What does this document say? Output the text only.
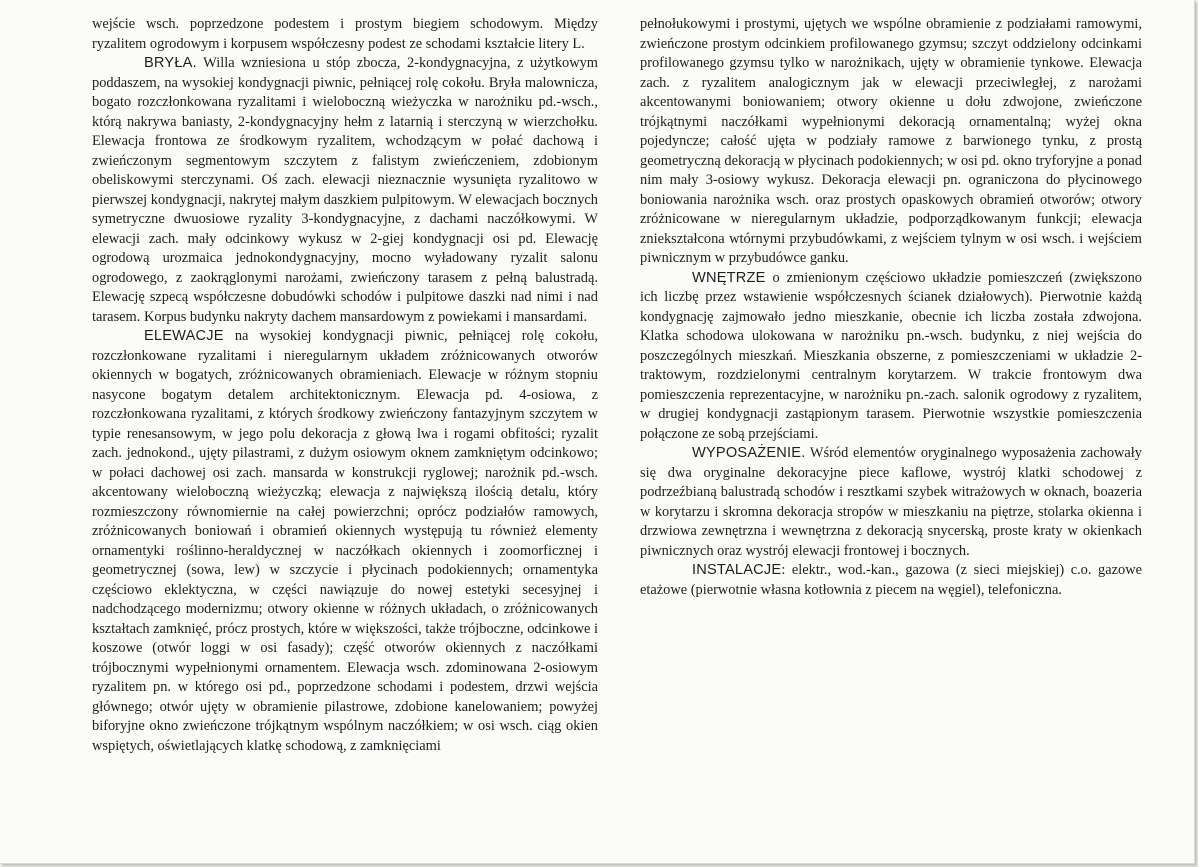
wejście wsch. poprzedzone podestem i prostym biegiem schodowym. Między ryzalitem ogrodowym i korpusem współczesny podest ze schodami kształcie litery L.

BRYŁA. Willa wzniesiona u stóp zbocza, 2-kondygnacyjna, z użytkowym poddaszem, na wysokiej kondygnacji piwnic, pełniącej rolę cokołu. Bryła malownicza, bogato rozczłonkowana ryzalitami i wieloboczną wieżyczka w narożniku pd.-wsch., którą nakrywa baniasty, 2-kondygnacyjny hełm z latarnią i sterczyną w wierzchołku. Elewacja frontowa ze środkowym ryzalitem, wchodzącym w połać dachową i zwieńczonym segmentowym szczytem z falistym zwieńczeniem, zdobionym obeliskowymi sterczynami. Oś zach. elewacji nieznacznie wysunięta ryzalitowo w pierwszej kondygnacji, nakrytej małym daszkiem pulpitowym. W elewacjach bocznych symetryczne dwuosiowe ryzality 3-kondygnacyjne, z dachami naczółkowymi. W elewacji zach. mały odcinkowy wykusz w 2-giej kondygnacji osi pd. Elewację ogrodową urozmaica jednokondygnacyjny, mocno wyładowany ryzalit salonu ogrodowego, z zaokrąglonymi narożami, zwieńczony tarasem z pełną balustradą. Elewację szpecą współczesne dobudówki schodów i pulpitowe daszki nad nimi i nad tarasem. Korpus budynku nakryty dachem mansardowym z powiekami i mansardami.

ELEWACJE na wysokiej kondygnacji piwnic, pełniącej rolę cokołu, rozczłonkowane ryzalitami i nieregularnym układem zróżnicowanych otworów okiennych w bogatych, zróżnicowanych obramieniach. Elewacje w różnym stopniu nasycone bogatym detalem architektonicznym. Elewacja pd. 4-osiowa, z rozczłonkowana ryzalitami, z których środkowy zwieńczony fantazyjnym szczytem w typie renesansowym, w jego polu dekoracja z głową lwa i rogami obfitości; ryzalit zach. jednokond., ujęty pilastrami, z dużym osiowym oknem zamkniętym odcinkowo; w połaci dachowej osi zach. mansarda w konstrukcji ryglowej; narożnik pd.-wsch. akcentowany wieloboczną wieżyczką; elewacja z największą ilością detalu, który rozmieszczony równomiernie na całej powierzchni; oprócz podziałów ramowych, zróżnicowanych boniowań i obramień okiennych występują tu również elementy ornamentyki roślinno-heraldycznej w naczółkach okiennych i zoomorficznej i geometrycznej (sowa, lew) w szczycie i płycinach podokiennych; ornamentyka częściowo eklektyczna, w części nawiązuje do nowej estetyki secesyjnej i nadchodzącego modernizmu; otwory okienne w różnych układach, o zróżnicowanych kształtach zamknięć, prócz prostych, które w większości, także trójboczne, odcinkowe i koszowe (otwór loggi w osi fasady); część otworów okiennych z naczółkami trójbocznymi wypełnionymi ornamentem. Elewacja wsch. zdominowana 2-osiowym ryzalitem pn. w którego osi pd., poprzedzone schodami i podestem, drzwi wejścia głównego; otwór ujęty w obramienie pilastrowe, zdobione kanelowaniem; powyżej biforyjne okno zwieńczone trójkątnym wspólnym naczółkiem; w osi wsch. ciąg okien wspiętych, oświetlających klatkę schodową, z zamknięciami

pełnołukowymi i prostymi, ujętych we wspólne obramienie z podziałami ramowymi, zwieńczone prostym odcinkiem profilowanego gzymsu; szczyt oddzielony odcinkami profilowanego gzymsu tylko w narożnikach, ujęty w obramienie tynkowe. Elewacja zach. z ryzalitem analogicznym jak w elewacji przeciwległej, z narożami akcentowanymi boniowaniem; otwory okienne u dołu zdwojone, zwieńczone trójkątnymi naczółkami wypełnionymi dekoracją ornamentalną; wyżej okna pojedyncze; całość ujęta w podziały ramowe z barwionego tynku, z prostą geometryczną dekoracją w płycinach podokiennych; w osi pd. okno tryforyjne a ponad nim mały 3-osiowy wykusz. Dekoracja elewacji pn. ograniczona do płycinowego boniowania narożnika wsch. oraz prostych opaskowych obramień otworów; otwory zróżnicowane w nieregularnym układzie, podporządkowanym funkcji; elewacja zniekształcona wtórnymi przybudówkami, z wejściem tylnym w osi wsch. i wejściem piwnicznym w przybudówce ganku.

WNĘTRZE o zmienionym częściowo układzie pomieszczeń (zwiększono ich liczbę przez wstawienie współczesnych ścianek działowych). Pierwotnie każdą kondygnację zajmowało jedno mieszkanie, obecnie ich liczba została zdwojona. Klatka schodowa ulokowana w narożniku pn.-wsch. budynku, z niej wejścia do poszczególnych mieszkań. Mieszkania obszerne, z pomieszczeniami w układzie 2-traktowym, rozdzielonymi centralnym korytarzem. W trakcie frontowym dwa pomieszczenia reprezentacyjne, w narożniku pn.-zach. salonik ogrodowy z ryzalitem, w drugiej kondygnacji zastąpionym tarasem. Pierwotnie wszystkie pomieszczenia połączone ze sobą przejściami.

WYPOSAŻENIE. Wśród elementów oryginalnego wyposażenia zachowały się dwa oryginalne dekoracyjne piece kaflowe, wystrój klatki schodowej z podrzeźbianą balustradą schodów i resztkami szybek witrażowych w oknach, boazeria w korytarzu i skromna dekoracja stropów w mieszkaniu na piętrze, stolarka okienna i drzwiowa zewnętrzna i wewnętrzna z dekoracją snycerską, proste kraty w okienkach piwnicznych oraz wystrój elewacji frontowej i bocznych.

INSTALACJE: elektr., wod.-kan., gazowa (z sieci miejskiej) c.o. gazowe etażowe (pierwotnie własna kotłownia z piecem na węgiel), telefoniczna.
